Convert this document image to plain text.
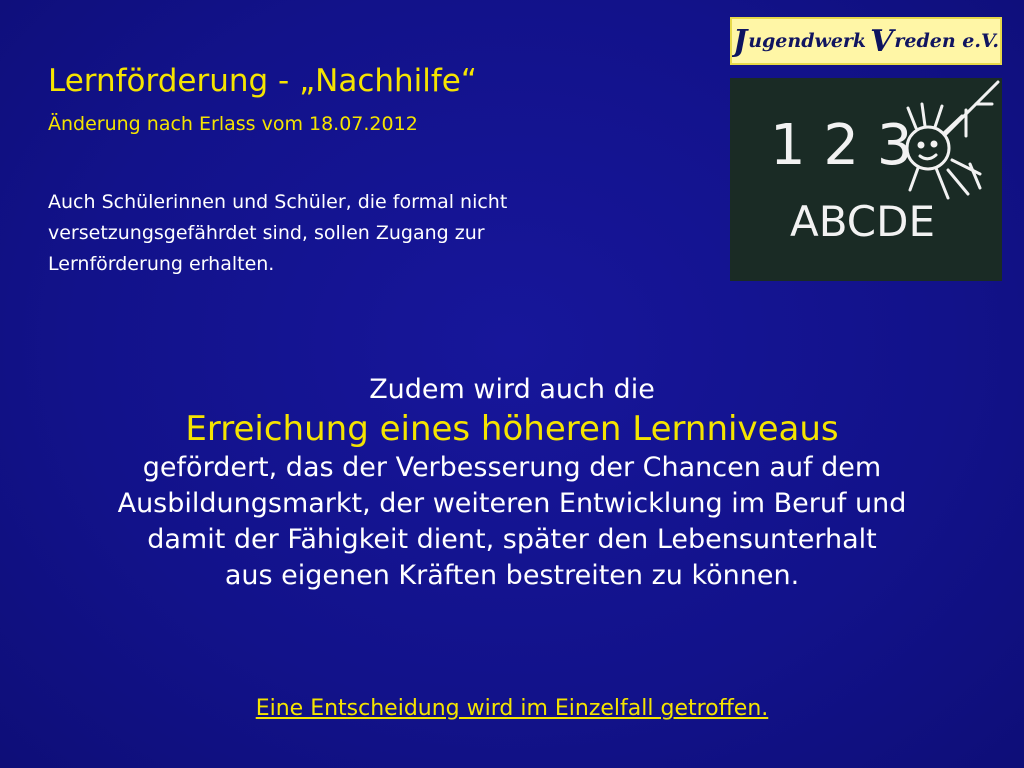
Lernförderung - „Nachhilfe“
Änderung nach Erlass vom 18.07.2012
Auch Schülerinnen und Schüler, die formal nicht
versetzungsgefährdet sind, sollen Zugang zur
Lernförderung erhalten.
J ugendwerk V reden e.V.
1 2 3
ABCDE
Zudem wird auch die
Erreichung eines höheren Lernniveaus
gefördert, das der Verbesserung der Chancen auf dem
Ausbildungsmarkt, der weiteren Entwicklung im Beruf und
damit der Fähigkeit dient, später den Lebensunterhalt
aus eigenen Kräften bestreiten zu können.
Eine Entscheidung wird im Einzelfall getroffen.
